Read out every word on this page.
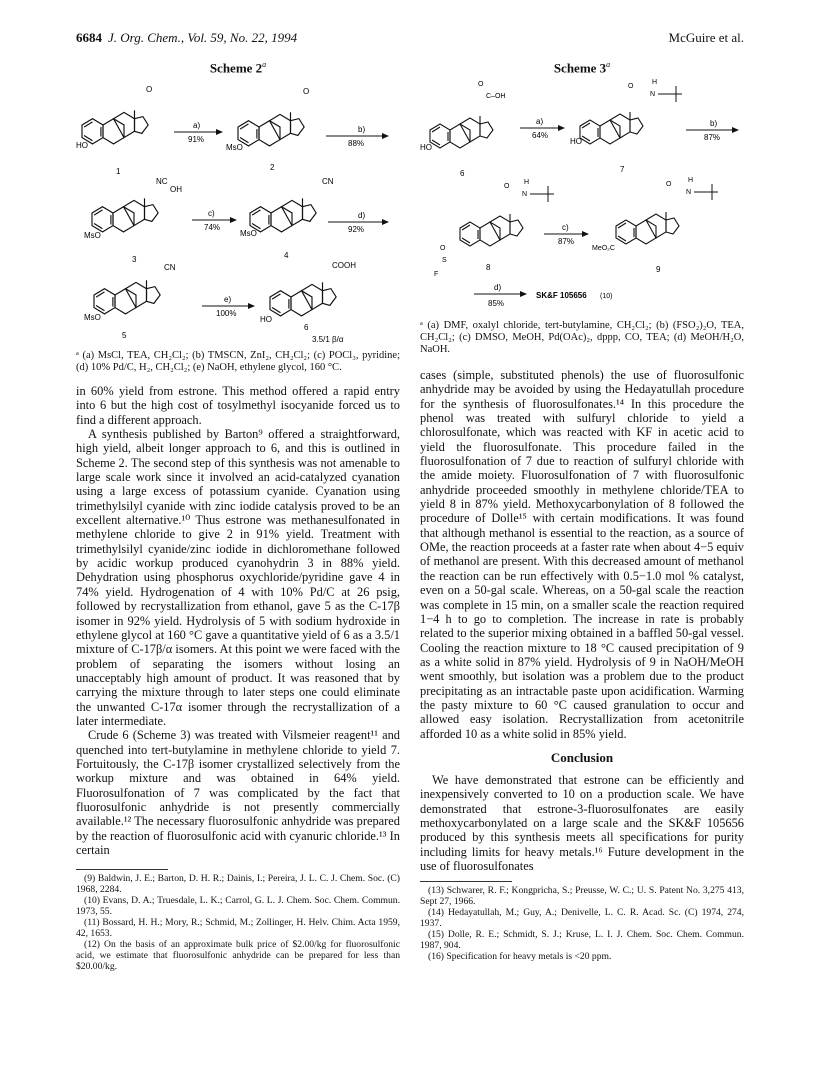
6684 J. Org. Chem., Vol. 59, No. 22, 1994	McGuire et al.
Scheme 2$^a$
HO
O
1
a)
91%
MsO
O
2
b)
88%
MsO
NC
OH
3
c)
74%
MsO
CN
4
d)
92%
MsO
CN
5
e)
100%
HO
COOH
6
3.5/1 β/α

ᵃ (a) MsCl, TEA, CH₂Cl₂; (b) TMSCN, ZnI₂, CH₂Cl₂; (c) POCl₃, pyridine; (d) 10% Pd/C, H₂, CH₂Cl₂; (e) NaOH, ethylene glycol, 160 °C.

in 60% yield from estrone. This method offered a rapid entry into 6 but the high cost of tosylmethyl isocyanide forced us to find a different approach.

A synthesis published by Barton⁹ offered a straightforward, high yield, albeit longer approach to 6, and this is outlined in Scheme 2. The second step of this synthesis was not amenable to large scale work since it involved an acid-catalyzed cyanation using a large excess of potassium cyanide. Cyanation using trimethylsilyl cyanide with zinc iodide catalysis proved to be an excellent alternative.¹⁰ Thus estrone was methanesulfonated in methylene chloride to give 2 in 91% yield. Treatment with trimethylsilyl cyanide/zinc iodide in dichloromethane followed by acidic workup produced cyanohydrin 3 in 88% yield. Dehydration using phosphorus oxychloride/pyridine gave 4 in 74% yield. Hydrogenation of 4 with 10% Pd/C at 26 psig, followed by recrystallization from ethanol, gave 5 as the C-17β isomer in 92% yield. Hydrolysis of 5 with sodium hydroxide in ethylene glycol at 160 °C gave a quantitative yield of 6 as a 3.5/1 mixture of C-17β/α isomers. At this point we were faced with the problem of separating the isomers without losing an unacceptably high amount of product. It was reasoned that by carrying the mixture through to later steps one could eliminate the unwanted C-17α isomer through the recrystallization of a later intermediate.

Crude 6 (Scheme 3) was treated with Vilsmeier reagent¹¹ and quenched into tert-butylamine in methylene chloride to yield 7. Fortuitously, the C-17β isomer crystallized selectively from the workup mixture and was obtained in 64% yield. Fluorosulfonation of 7 was complicated by the fact that fluorosulfonic anhydride is not presently commercially available.¹² The necessary fluorosulfonic anhydride was prepared by the reaction of fluorosulfonic acid with cyanuric chloride.¹³ In certain

(9) Baldwin, J. E.; Barton, D. H. R.; Dainis, I.; Pereira, J. L. C. J. Chem. Soc. (C) 1968, 2284.
(10) Evans, D. A.; Truesdale, L. K.; Carrol, G. L. J. Chem. Soc. Chem. Commun. 1973, 55.
(11) Bossard, H. H.; Mory, R.; Schmid, M.; Zollinger, H. Helv. Chim. Acta 1959, 42, 1653.
(12) On the basis of an approximate bulk price of $2.00/kg for fluorosulfonic acid, we estimate that fluorosulfonic anhydride can be prepared for less than $20.00/kg.
Scheme 3$^a$
HO
O
C–OH
6
a)
64%
HO
O
H
N
7
b)
87%
S
F
O
O
H
N
8
c)
87%
MeO₂C
O
H
N
9
d)
85%
SK&F 105656 (10)

ᵃ (a) DMF, oxalyl chloride, tert-butylamine, CH₂Cl₂; (b) (FSO₂)₂O, TEA, CH₂Cl₂; (c) DMSO, MeOH, Pd(OAc)₂, dppp, CO, TEA; (d) MeOH/H₂O, NaOH.

cases (simple, substituted phenols) the use of fluorosulfonic anhydride may be avoided by using the Hedayatullah procedure for the synthesis of fluorosulfonates.¹⁴ In this procedure the phenol was treated with sulfuryl chloride to yield a chlorosulfonate, which was reacted with KF in acetic acid to yield the fluorosulfonate. This procedure failed in the fluorosulfonation of 7 due to reaction of sulfuryl chloride with the amide moiety. Fluorosulfonation of 7 with fluorosulfonic anhydride proceeded smoothly in methylene chloride/TEA to yield 8 in 87% yield. Methoxycarbonylation of 8 followed the procedure of Dolle¹⁵ with certain modifications. It was found that although methanol is essential to the reaction, as a source of OMe, the reaction proceeds at a faster rate when about 4−5 equiv of methanol are present. With this decreased amount of methanol the reaction can be run effectively with 0.5−1.0 mol % catalyst, even on a 50-gal scale. Whereas, on a 50-gal scale the reaction was complete in 15 min, on a smaller scale the reaction required 1−4 h to go to completion. The increase in rate is probably related to the superior mixing obtained in a baffled 50-gal vessel. Cooling the reaction mixture to 18 °C caused precipitation of 9 as a white solid in 87% yield. Hydrolysis of 9 in NaOH/MeOH went smoothly, but isolation was a problem due to the product precipitating as an intractable paste upon acidification. Warming the pasty mixture to 60 °C caused granulation to occur and allowed easy isolation. Recrystallization from acetonitrile afforded 10 as a white solid in 85% yield.

Conclusion

We have demonstrated that estrone can be efficiently and inexpensively converted to 10 on a production scale. We have demonstrated that estrone-3-fluorosulfonates are easily methoxycarbonylated on a large scale and the SK&F 105656 produced by this synthesis meets all specifications for purity including limits for heavy metals.¹⁶ Future development in the use of fluorosulfonates

(13) Schwarer, R. F.; Kongpricha, S.; Preusse, W. C.; U. S. Patent No. 3,275 413, Sept 27, 1966.
(14) Hedayatullah, M.; Guy, A.; Denivelle, L. C. R. Acad. Sc. (C) 1974, 274, 1937.
(15) Dolle, R. E.; Schmidt, S. J.; Kruse, L. I. J. Chem. Soc. Chem. Commun. 1987, 904.
(16) Specification for heavy metals is <20 ppm.
